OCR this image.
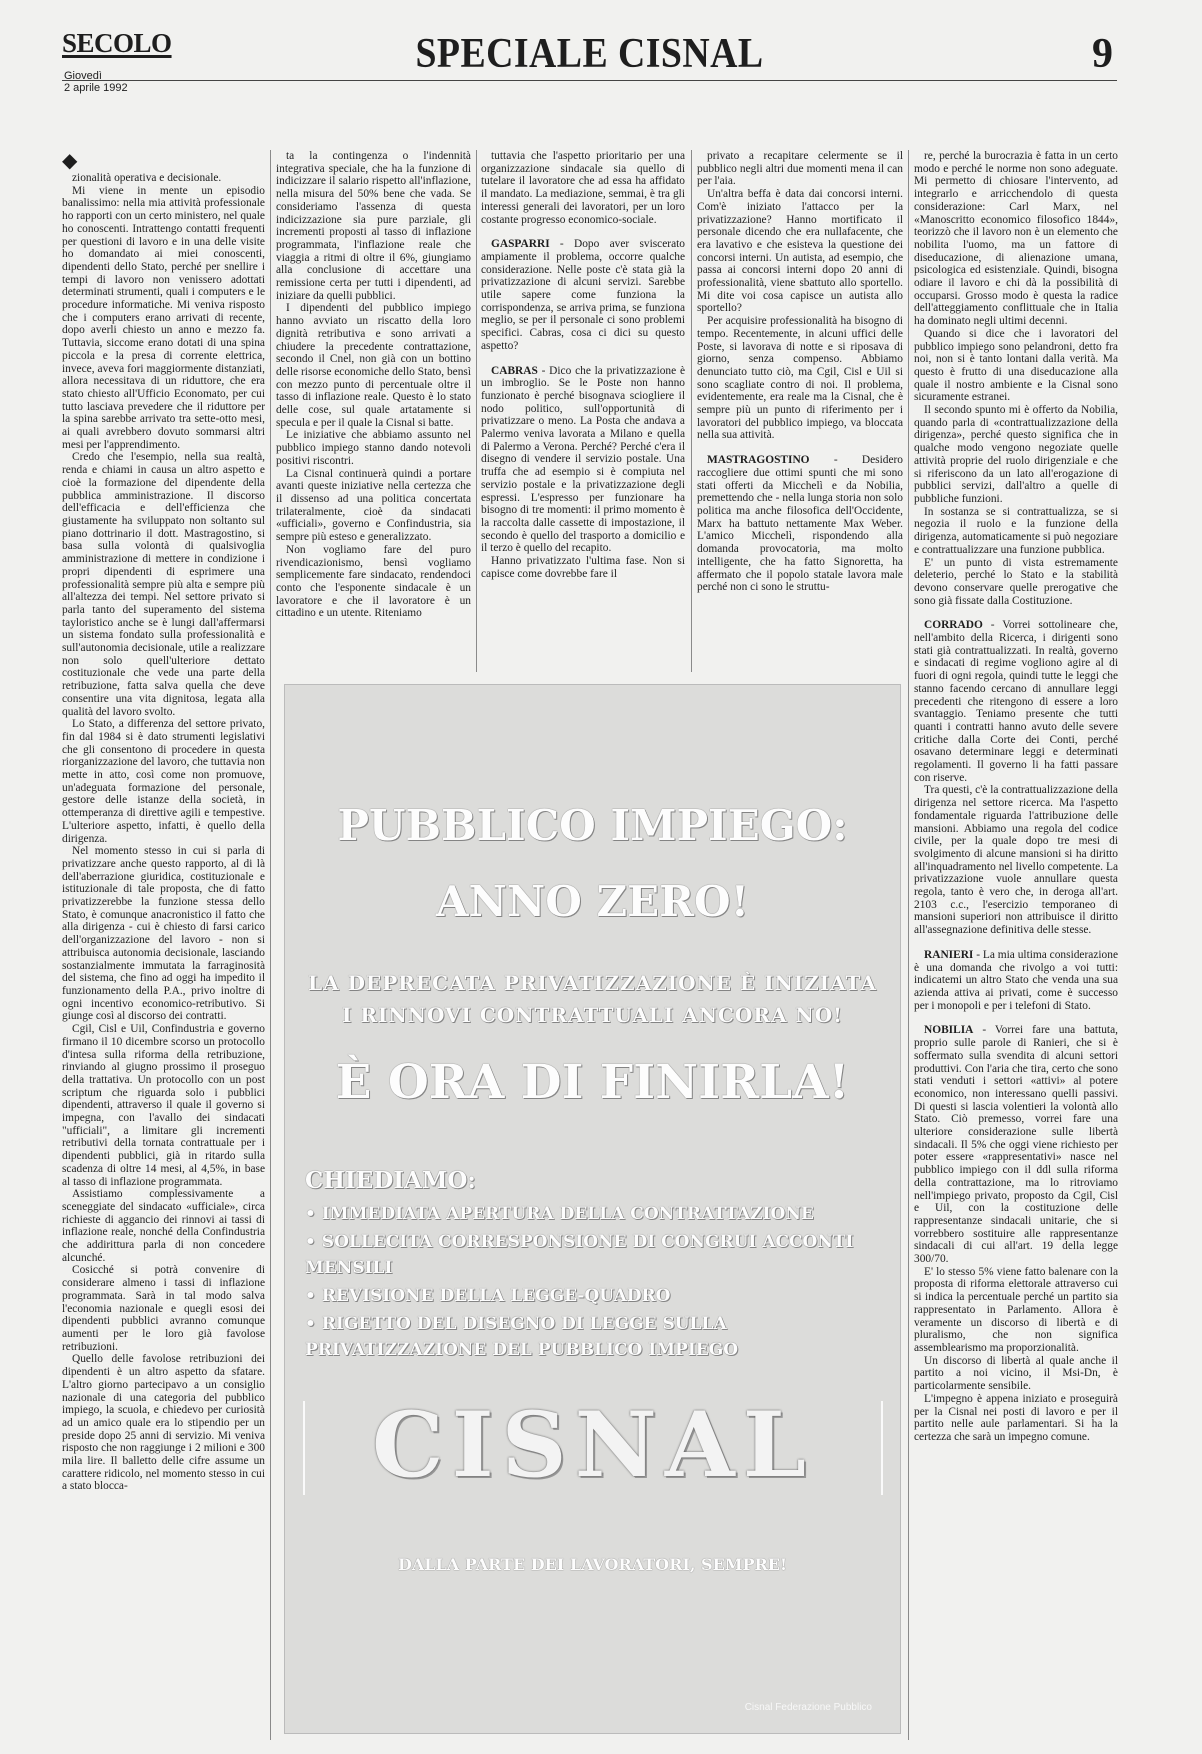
SECOLO
Giovedì
2 aprile 1992
SPECIALE CISNAL	9
◆

zionalità operativa e decisionale.

Mi viene in mente un episodio banalissimo: nella mia attività professionale ho rapporti con un certo ministero, nel quale ho conoscenti. Intrattengo contatti frequenti per questioni di lavoro e in una delle visite ho domandato ai miei conoscenti, dipendenti dello Stato, perché per snellire i tempi di lavoro non venissero adottati determinati strumenti, quali i computers e le procedure informatiche. Mi veniva risposto che i computers erano arrivati di recente, dopo averli chiesto un anno e mezzo fa. Tuttavia, siccome erano dotati di una spina piccola e la presa di corrente elettrica, invece, aveva fori maggiormente distanziati, allora necessitava di un riduttore, che era stato chiesto all'Ufficio Economato, per cui tutto lasciava prevedere che il riduttore per la spina sarebbe arrivato tra sette-otto mesi, ai quali avrebbero dovuto sommarsi altri mesi per l'apprendimento.

Credo che l'esempio, nella sua realtà, renda e chiami in causa un altro aspetto e cioè la formazione del dipendente della pubblica amministrazione. Il discorso dell'efficacia e dell'efficienza che giustamente ha sviluppato non soltanto sul piano dottrinario il dott. Mastragostino, si basa sulla volontà di qualsivoglia amministrazione di mettere in condizione i propri dipendenti di esprimere una professionalità sempre più alta e sempre più all'altezza dei tempi. Nel settore privato si parla tanto del superamento del sistema tayloristico anche se è lungi dall'affermarsi un sistema fondato sulla professionalità e sull'autonomia decisionale, utile a realizzare non solo quell'ulteriore dettato costituzionale che vede una parte della retribuzione, fatta salva quella che deve consentire una vita dignitosa, legata alla qualità del lavoro svolto.

Lo Stato, a differenza del settore privato, fin dal 1984 si è dato strumenti legislativi che gli consentono di procedere in questa riorganizzazione del lavoro, che tuttavia non mette in atto, così come non promuove, un'adeguata formazione del personale, gestore delle istanze della società, in ottemperanza di direttive agili e tempestive. L'ulteriore aspetto, infatti, è quello della dirigenza.

Nel momento stesso in cui si parla di privatizzare anche questo rapporto, al di là dell'aberrazione giuridica, costituzionale e istituzionale di tale proposta, che di fatto privatizzerebbe la funzione stessa dello Stato, è comunque anacronistico il fatto che alla dirigenza - cui è chiesto di farsi carico dell'organizzazione del lavoro - non si attribuisca autonomia decisionale, lasciando sostanzialmente immutata la farraginosità del sistema, che fino ad oggi ha impedito il funzionamento della P.A., privo inoltre di ogni incentivo economico-retributivo. Si giunge così al discorso dei contratti.

Cgil, Cisl e Uil, Confindustria e governo firmano il 10 dicembre scorso un protocollo d'intesa sulla riforma della retribuzione, rinviando al giugno prossimo il proseguo della trattativa. Un protocollo con un post scriptum che riguarda solo i pubblici dipendenti, attraverso il quale il governo si impegna, con l'avallo dei sindacati "ufficiali", a limitare gli incrementi retributivi della tornata contrattuale per i dipendenti pubblici, già in ritardo sulla scadenza di oltre 14 mesi, al 4,5%, in base al tasso di inflazione programmata.

Assistiamo complessivamente a sceneggiate del sindacato «ufficiale», circa richieste di aggancio dei rinnovi ai tassi di inflazione reale, nonché della Confindustria che addirittura parla di non concedere alcunché.

Cosicché si potrà convenire di considerare almeno i tassi di inflazione programmata. Sarà in tal modo salva l'economia nazionale e quegli esosi dei dipendenti pubblici avranno comunque aumenti per le loro già favolose retribuzioni.

Quello delle favolose retribuzioni dei dipendenti è un altro aspetto da sfatare. L'altro giorno partecipavo a un consiglio nazionale di una categoria del pubblico impiego, la scuola, e chiedevo per curiosità ad un amico quale era lo stipendio per un preside dopo 25 anni di servizio. Mi veniva risposto che non raggiunge i 2 milioni e 300 mila lire. Il balletto delle cifre assume un carattere ridicolo, nel momento stesso in cui a stato blocca-

ta la contingenza o l'indennità integrativa speciale, che ha la funzione di indicizzare il salario rispetto all'inflazione, nella misura del 50% bene che vada. Se consideriamo l'assenza di questa indicizzazione sia pure parziale, gli incrementi proposti al tasso di inflazione programmata, l'inflazione reale che viaggia a ritmi di oltre il 6%, giungiamo alla conclusione di accettare una remissione certa per tutti i dipendenti, ad iniziare da quelli pubblici.

I dipendenti del pubblico impiego hanno avviato un riscatto della loro dignità retributiva e sono arrivati a chiudere la precedente contrattazione, secondo il Cnel, non già con un bottino delle risorse economiche dello Stato, bensì con mezzo punto di percentuale oltre il tasso di inflazione reale. Questo è lo stato delle cose, sul quale artatamente si specula e per il quale la Cisnal si batte.

Le iniziative che abbiamo assunto nel pubblico impiego stanno dando notevoli positivi riscontri.

La Cisnal continuerà quindi a portare avanti queste iniziative nella certezza che il dissenso ad una politica concertata trilateralmente, cioè da sindacati «ufficiali», governo e Confindustria, sia sempre più esteso e generalizzato.

Non vogliamo fare del puro rivendicazionismo, bensì vogliamo semplicemente fare sindacato, rendendoci conto che l'esponente sindacale è un lavoratore e che il lavoratore è un cittadino e un utente. Riteniamo

tuttavia che l'aspetto prioritario per una organizzazione sindacale sia quello di tutelare il lavoratore che ad essa ha affidato il mandato. La mediazione, semmai, è tra gli interessi generali dei lavoratori, per un loro costante progresso economico-sociale.

GASPARRI - Dopo aver sviscerato ampiamente il problema, occorre qualche considerazione. Nelle poste c'è stata già la privatizzazione di alcuni servizi. Sarebbe utile sapere come funziona la corrispondenza, se arriva prima, se funziona meglio, se per il personale ci sono problemi specifici. Cabras, cosa ci dici su questo aspetto?

CABRAS - Dico che la privatizzazione è un imbroglio. Se le Poste non hanno funzionato è perché bisognava sciogliere il nodo politico, sull'opportunità di privatizzare o meno. La Posta che andava a Palermo veniva lavorata a Milano e quella di Palermo a Verona. Perché? Perché c'era il disegno di vendere il servizio postale. Una truffa che ad esempio si è compiuta nel servizio postale e la privatizzazione degli espressi. L'espresso per funzionare ha bisogno di tre momenti: il primo momento è la raccolta dalle cassette di impostazione, il secondo è quello del trasporto a domicilio e il terzo è quello del recapito.

Hanno privatizzato l'ultima fase. Non si capisce come dovrebbe fare il

privato a recapitare celermente se il pubblico negli altri due momenti mena il can per l'aia.

Un'altra beffa è data dai concorsi interni. Com'è iniziato l'attacco per la privatizzazione? Hanno mortificato il personale dicendo che era nullafacente, che era lavativo e che esisteva la questione dei concorsi interni. Un autista, ad esempio, che passa ai concorsi interni dopo 20 anni di professionalità, viene sbattuto allo sportello. Mi dite voi cosa capisce un autista allo sportello?

Per acquisire professionalità ha bisogno di tempo. Recentemente, in alcuni uffici delle Poste, si lavorava di notte e si riposava di giorno, senza compenso. Abbiamo denunciato tutto ciò, ma Cgil, Cisl e Uil si sono scagliate contro di noi. Il problema, evidentemente, era reale ma la Cisnal, che è sempre più un punto di riferimento per i lavoratori del pubblico impiego, va bloccata nella sua attività.

MASTRAGOSTINO - Desidero raccogliere due ottimi spunti che mi sono stati offerti da Micchelì e da Nobilia, premettendo che - nella lunga storia non solo politica ma anche filosofica dell'Occidente, Marx ha battuto nettamente Max Weber. L'amico Micchelì, rispondendo alla domanda provocatoria, ma molto intelligente, che ha fatto Signoretta, ha affermato che il popolo statale lavora male perché non ci sono le struttu-

re, perché la burocrazia è fatta in un certo modo e perché le norme non sono adeguate. Mi permetto di chiosare l'intervento, ad integrarlo e arricchendolo di questa considerazione: Carl Marx, nel «Manoscritto economico filosofico 1844», teorizzò che il lavoro non è un elemento che nobilita l'uomo, ma un fattore di diseducazione, di alienazione umana, psicologica ed esistenziale. Quindi, bisogna odiare il lavoro e chi dà la possibilità di occuparsi. Grosso modo è questa la radice dell'atteggiamento conflittuale che in Italia ha dominato negli ultimi decenni.

Quando si dice che i lavoratori del pubblico impiego sono pelandroni, detto fra noi, non si è tanto lontani dalla verità. Ma questo è frutto di una diseducazione alla quale il nostro ambiente e la Cisnal sono sicuramente estranei.

Il secondo spunto mi è offerto da Nobilia, quando parla di «contrattualizzazione della dirigenza», perché questo significa che in qualche modo vengono negoziate quelle attività proprie del ruolo dirigenziale e che si riferiscono da un lato all'erogazione di pubblici servizi, dall'altro a quelle di pubbliche funzioni.

In sostanza se si contrattualizza, se si negozia il ruolo e la funzione della dirigenza, automaticamente si può negoziare e contrattualizzare una funzione pubblica.

E' un punto di vista estremamente deleterio, perché lo Stato e la stabilità devono conservare quelle prerogative che sono già fissate dalla Costituzione.

CORRADO - Vorrei sottolineare che, nell'ambito della Ricerca, i dirigenti sono stati già contrattualizzati. In realtà, governo e sindacati di regime vogliono agire al di fuori di ogni regola, quindi tutte le leggi che stanno facendo cercano di annullare leggi precedenti che ritengono di essere a loro svantaggio. Teniamo presente che tutti quanti i contratti hanno avuto delle severe critiche dalla Corte dei Conti, perché osavano determinare leggi e determinati regolamenti. Il governo li ha fatti passare con riserve.

Tra questi, c'è la contrattualizzazione della dirigenza nel settore ricerca. Ma l'aspetto fondamentale riguarda l'attribuzione delle mansioni. Abbiamo una regola del codice civile, per la quale dopo tre mesi di svolgimento di alcune mansioni si ha diritto all'inquadramento nel livello competente. La privatizzazione vuole annullare questa regola, tanto è vero che, in deroga all'art. 2103 c.c., l'esercizio temporaneo di mansioni superiori non attribuisce il diritto all'assegnazione definitiva delle stesse.

RANIERI - La mia ultima considerazione è una domanda che rivolgo a voi tutti: indicatemi un altro Stato che venda una sua azienda attiva ai privati, come è successo per i monopoli e per i telefoni di Stato.

NOBILIA - Vorrei fare una battuta, proprio sulle parole di Ranieri, che si è soffermato sulla svendita di alcuni settori produttivi. Con l'aria che tira, certo che sono stati venduti i settori «attivi» al potere economico, non interessano quelli passivi. Di questi si lascia volentieri la volontà allo Stato. Ciò premesso, vorrei fare una ulteriore considerazione sulle libertà sindacali. Il 5% che oggi viene richiesto per poter essere «rappresentativi» nasce nel pubblico impiego con il ddl sulla riforma della contrattazione, ma lo ritroviamo nell'impiego privato, proposto da Cgil, Cisl e Uil, con la costituzione delle rappresentanze sindacali unitarie, che si vorrebbero sostituire alle rappresentanze sindacali di cui all'art. 19 della legge 300/70.

E' lo stesso 5% viene fatto balenare con la proposta di riforma elettorale attraverso cui si indica la percentuale perché un partito sia rappresentato in Parlamento. Allora è veramente un discorso di libertà e di pluralismo, che non significa assemblearismo ma proporzionalità.

Un discorso di libertà al quale anche il partito a noi vicino, il Msi-Dn, è particolarmente sensibile.

L'impegno è appena iniziato e proseguirà per la Cisnal nei posti di lavoro e per il partito nelle aule parlamentari. Si ha la certezza che sarà un impegno comune.

PUBBLICO IMPIEGO:
ANNO ZERO!
LA DEPRECATA PRIVATIZZAZIONE È INIZIATA
I RINNOVI CONTRATTUALI ANCORA NO!
È ORA DI FINIRLA!
CHIEDIAMO:
• IMMEDIATA APERTURA DELLA CONTRATTAZIONE
• SOLLECITA CORRESPONSIONE DI CONGRUI ACCONTI MENSILI
• REVISIONE DELLA LEGGE-QUADRO
• RIGETTO DEL DISEGNO DI LEGGE SULLA PRIVATIZZAZIONE DEL PUBBLICO IMPIEGO
CISNAL
DALLA PARTE DEI LAVORATORI, SEMPRE!
Cisnal Federazione Pubblico
